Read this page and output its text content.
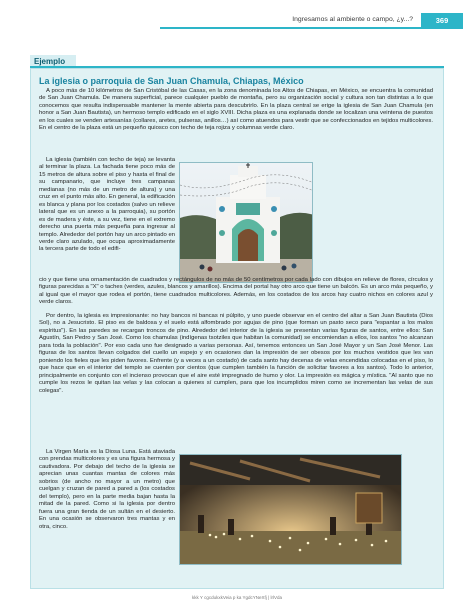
Ingresamos al ambiente o campo, ¿y...?	369
Ejemplo
La iglesia o parroquia de San Juan Chamula, Chiapas, México

A poco más de 10 kilómetros de San Cristóbal de las Casas, en la zona denominada los Altos de Chiapas, en México, se encuentra la comunidad de San Juan Chamula. De manera superficial, parece cualquier pueblo de montaña, pero su organización social y cultura son tan distintas a lo que conocemos que resulta indispensable mantener la mente abierta para descubrirlo. En la plaza central se erige la iglesia de San Juan Chamula (en honor a San Juan Bautista), un hermoso templo edificado en el siglo XVIII. Dicha plaza es una explanada donde se localizan una veintena de puestos en los cuales se venden artesanías (collares, aretes, pulseras, anillos…) así como atuendos para vestir que se confeccionados en tejidos multicolores. En el centro de la plaza está un pequeño quiosco con techo de teja rojiza y columnas verde claro.

La iglesia (también con techo de teja) se levanta al terminar la plaza. La fachada tiene poco más de 15 metros de altura sobre el piso y hasta el final de su campanario, que incluye tres campanas medianas (no más de un metro de altura) y una cruz en el punto más alto. En general, la edificación es blanca y plana por los costados (salvo un relieve lateral que es un anexo a la parroquia), su portón es de madera y éste, a su vez, tiene en el extremo derecho una puerta más pequeña para ingresar al templo. Alrededor del portón hay un arco pintado en verde claro azulado, que ocupa aproximadamente la tercera parte de todo el edifi-

cio y que tiene una ornamentación de cuadrados y rectángulos de no más de 50 centímetros por cada lado con dibujos en relieve de flores, círculos y figuras parecidas a "X" o taches (verdes, azules, blancos y amarillos). Encima del portal hay otro arco que tiene un balcón. Es un arco más pequeño, y al igual que el mayor que rodea el portón, tiene cuadrados multicolores. Además, en los costados de los arcos hay cuatro nichos en colores azul y verde claros.

Por dentro, la iglesia es impresionante: no hay bancos ni bancas ni púlpito, y uno puede observar en el centro del altar a San Juan Bautista (Dios Sol), no a Jesucristo. El piso es de baldosa y el suelo está alfombrado por agujas de pino (que forman un pasto seco para "espantar a los malos espíritus"). En las paredes se recargan troncos de pino. Alrededor del interior de la iglesia se presentan varias figuras de santos, entre ellos: San Agustín, San Pedro y San José. Como los chamulas (indígenas tsotziles que habitan la comunidad) se encomiendan a ellos, los santos "no alcanzan para toda la población". Por eso cada uno fue designado a varias personas. Así, tenemos entonces un San José Mayor y un San José Menor. Las figuras de los santos llevan colgados del cuello un espejo y en ocasiones dan la impresión de ser obesos por los muchos vestidos que les van poniendo los fieles que les piden favores. Enfrente (y a veces a un costado) de cada santo hay decenas de velas encendidas colocadas en el piso, lo que hace que en el interior del templo se cuenten por cientos (que cumplen también la función de solicitar favores a los santos). Todo lo anterior, principalmente en conjunto con el incienso provocan que el aire esté impregnado de humo y olor. La impresión es mágica y mística. "Al santo que no cumple los rezos le quitan las velas y las colocan a quienes sí cumplen, para que los incumplidos miren como se incrementan las velas de sus colegas".

La Virgen María es la Diosa Luna. Está ataviada con prendas multicolores y es una figura hermosa y cautivadora. Por debajo del techo de la iglesia se aprecian unas cuantas mantas de colores más sobrios (de ancho no mayor a un metro) que cuelgan y cruzan de pared a pared a (los costados del templo), pero en la parte media bajan hasta la mitad de la pared. Como si la iglesia por dentro fuera una gran tienda de un sultán en el desierto. En una ocasión se observaron tres mantas y en otra, cinco.

kkk Y cgcdukxkVeia p ka YgdcYNeXfj | lrlVda
